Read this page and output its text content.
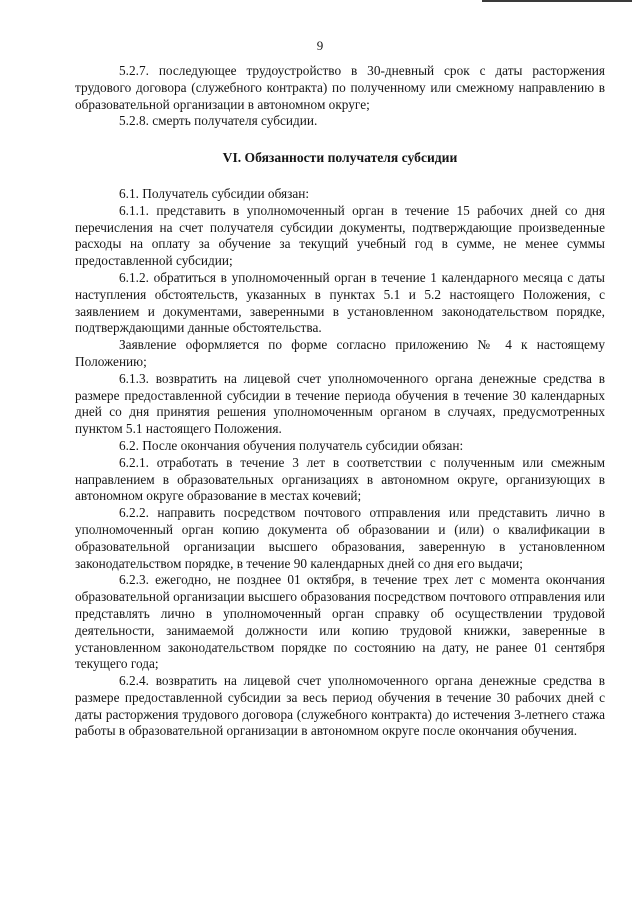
9

5.2.7. последующее трудоустройство в 30-дневный срок с даты расторжения трудового договора (служебного контракта) по полученному или смежному направлению в образовательной организации в автономном округе;

5.2.8. смерть получателя субсидии.

VI. Обязанности получателя субсидии

6.1. Получатель субсидии обязан:

6.1.1. представить в уполномоченный орган в течение 15 рабочих дней со дня перечисления на счет получателя субсидии документы, подтверждающие произведенные расходы на оплату за обучение за текущий учебный год в сумме, не менее суммы предоставленной субсидии;

6.1.2. обратиться в уполномоченный орган в течение 1 календарного месяца с даты наступления обстоятельств, указанных в пунктах 5.1 и 5.2 настоящего Положения, с заявлением и документами, заверенными в установленном законодательством порядке, подтверждающими данные обстоятельства.

Заявление оформляется по форме согласно приложению № 4 к настоящему Положению;

6.1.3. возвратить на лицевой счет уполномоченного органа денежные средства в размере предоставленной субсидии в течение периода обучения в течение 30 календарных дней со дня принятия решения уполномоченным органом в случаях, предусмотренных пунктом 5.1 настоящего Положения.

6.2. После окончания обучения получатель субсидии обязан:

6.2.1. отработать в течение 3 лет в соответствии с полученным или смежным направлением в образовательных организациях в автономном округе, организующих в автономном округе образование в местах кочевий;

6.2.2. направить посредством почтового отправления или представить лично в уполномоченный орган копию документа об образовании и (или) о квалификации в образовательной организации высшего образования, заверенную в установленном законодательством порядке, в течение 90 календарных дней со дня его выдачи;

6.2.3. ежегодно, не позднее 01 октября, в течение трех лет с момента окончания образовательной организации высшего образования посредством почтового отправления или представлять лично в уполномоченный орган справку об осуществлении трудовой деятельности, занимаемой должности или копию трудовой книжки, заверенные в установленном законодательством порядке по состоянию на дату, не ранее 01 сентября текущего года;

6.2.4. возвратить на лицевой счет уполномоченного органа денежные средства в размере предоставленной субсидии за весь период обучения в течение 30 рабочих дней с даты расторжения трудового договора (служебного контракта) до истечения 3-летнего стажа работы в образовательной организации в автономном округе после окончания обучения.
